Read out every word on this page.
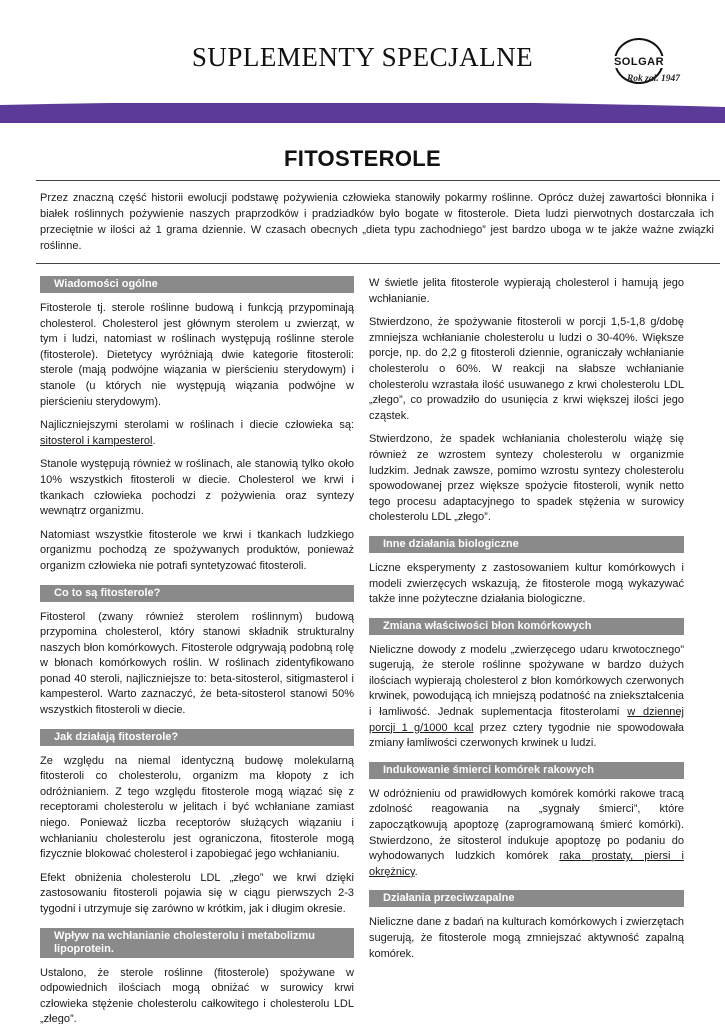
SUPLEMENTY SPECJALNE	SOLGAR
Rok zał. 1947
FITOSTEROLE
Przez znaczną część historii ewolucji podstawę pożywienia człowieka stanowiły pokarmy roślinne. Oprócz dużej zawartości błonnika i białek roślinnych pożywienie naszych praprzodków i pradziadków było bogate w fitosterole. Dieta ludzi pierwotnych dostarczała ich przeciętnie w ilości aż 1 grama dziennie. W czasach obecnych „dieta typu zachodniego” jest bardzo uboga w te jakże ważne związki roślinne.
Wiadomości ogólne

Fitosterole tj. sterole roślinne budową i funkcją przypominają cholesterol. Cholesterol jest głównym sterolem u zwierząt, w tym i ludzi, natomiast w roślinach występują roślinne sterole (fitosterole). Dietetycy wyróżniają dwie kategorie fitosteroli: sterole (mają podwójne wiązania w pierścieniu sterydowym) i stanole (u których nie występują wiązania podwójne w pierścieniu sterydowym).

Najliczniejszymi sterolami w roślinach i diecie człowieka są: sitosterol i kampesterol.

Stanole występują również w roślinach, ale stanowią tylko około 10% wszystkich fitosteroli w diecie. Cholesterol we krwi i tkankach człowieka pochodzi z pożywienia oraz syntezy wewnątrz organizmu.

Natomiast wszystkie fitosterole we krwi i tkankach ludzkiego organizmu pochodzą ze spożywanych produktów, ponieważ organizm człowieka nie potrafi syntetyzować fitosteroli.

Co to są fitosterole?

Fitosterol (zwany również sterolem roślinnym) budową przypomina cholesterol, który stanowi składnik strukturalny naszych błon komórkowych. Fitosterole odgrywają podobną rolę w błonach komórkowych roślin. W roślinach zidentyfikowano ponad 40 steroli, najliczniejsze to: beta-sitosterol, sitigmasterol i kampesterol. Warto zaznaczyć, że beta-sitosterol stanowi 50% wszystkich fitosteroli w diecie.

Jak działają fitosterole?

Ze względu na niemal identyczną budowę molekularną fitosteroli co cholesterolu, organizm ma kłopoty z ich odróżnianiem. Z tego względu fitosterole mogą wiązać się z receptorami cholesterolu w jelitach i być wchłaniane zamiast niego. Ponieważ liczba receptorów służących wiązaniu i wchłanianiu cholesterolu jest ograniczona, fitosterole mogą fizycznie blokować cholesterol i zapobiegać jego wchłanianiu.

Efekt obniżenia cholesterolu LDL „złego” we krwi dzięki zastosowaniu fitosteroli pojawia się w ciągu pierwszych 2-3 tygodni i utrzymuje się zarówno w krótkim, jak i długim okresie.

Wpływ na wchłanianie cholesterolu i metabolizmu lipoprotein.

Ustalono, że sterole roślinne (fitosterole) spożywane w odpowiednich ilościach mogą obniżać w surowicy krwi człowieka stężenie cholesterolu całkowitego i cholesterolu LDL „złego”.

W świetle jelita fitosterole wypierają cholesterol i hamują jego wchłanianie.

Stwierdzono, że spożywanie fitosteroli w porcji 1,5-1,8 g/dobę zmniejsza wchłanianie cholesterolu u ludzi o 30-40%. Większe porcje, np. do 2,2 g fitosteroli dziennie, ograniczały wchłanianie cholesterolu o 60%. W reakcji na słabsze wchłanianie cholesterolu wzrastała ilość usuwanego z krwi cholesterolu LDL „złego”, co prowadziło do usunięcia z krwi większej ilości jego cząstek.

Stwierdzono, że spadek wchłaniania cholesterolu wiążę się również ze wzrostem syntezy cholesterolu w organizmie ludzkim. Jednak zawsze, pomimo wzrostu syntezy cholesterolu spowodowanej przez większe spożycie fitosteroli, wynik netto tego procesu adaptacyjnego to spadek stężenia w surowicy cholesterolu LDL „złego”.

Inne działania biologiczne

Liczne eksperymenty z zastosowaniem kultur komórkowych i modeli zwierzęcych wskazują, że fitosterole mogą wykazywać także inne pożyteczne działania biologiczne.

Zmiana właściwości błon komórkowych

Nieliczne dowody z modelu „zwierzęcego udaru krwotocznego” sugerują, że sterole roślinne spożywane w bardzo dużych ilościach wypierają cholesterol z błon komórkowych czerwonych krwinek, powodującą ich mniejszą podatność na zniekształcenia i łamliwość. Jednak suplementacja fitosterolami w dziennej porcji 1 g/1000 kcal przez cztery tygodnie nie spowodowała zmiany łamliwości czerwonych krwinek u ludzi.

Indukowanie śmierci komórek rakowych

W odróżnieniu od prawidłowych komórek komórki rakowe tracą zdolność reagowania na „sygnały śmierci”, które zapoczątkowują apoptozę (zaprogramowaną śmierć komórki). Stwierdzono, że sitosterol indukuje apoptozę po podaniu do wyhodowanych ludzkich komórek raka prostaty, piersi i okrężnicy.

Działania przeciwzapalne

Nieliczne dane z badań na kulturach komórkowych i zwierzętach sugerują, że fitosterole mogą zmniejszać aktywność zapalną komórek.
